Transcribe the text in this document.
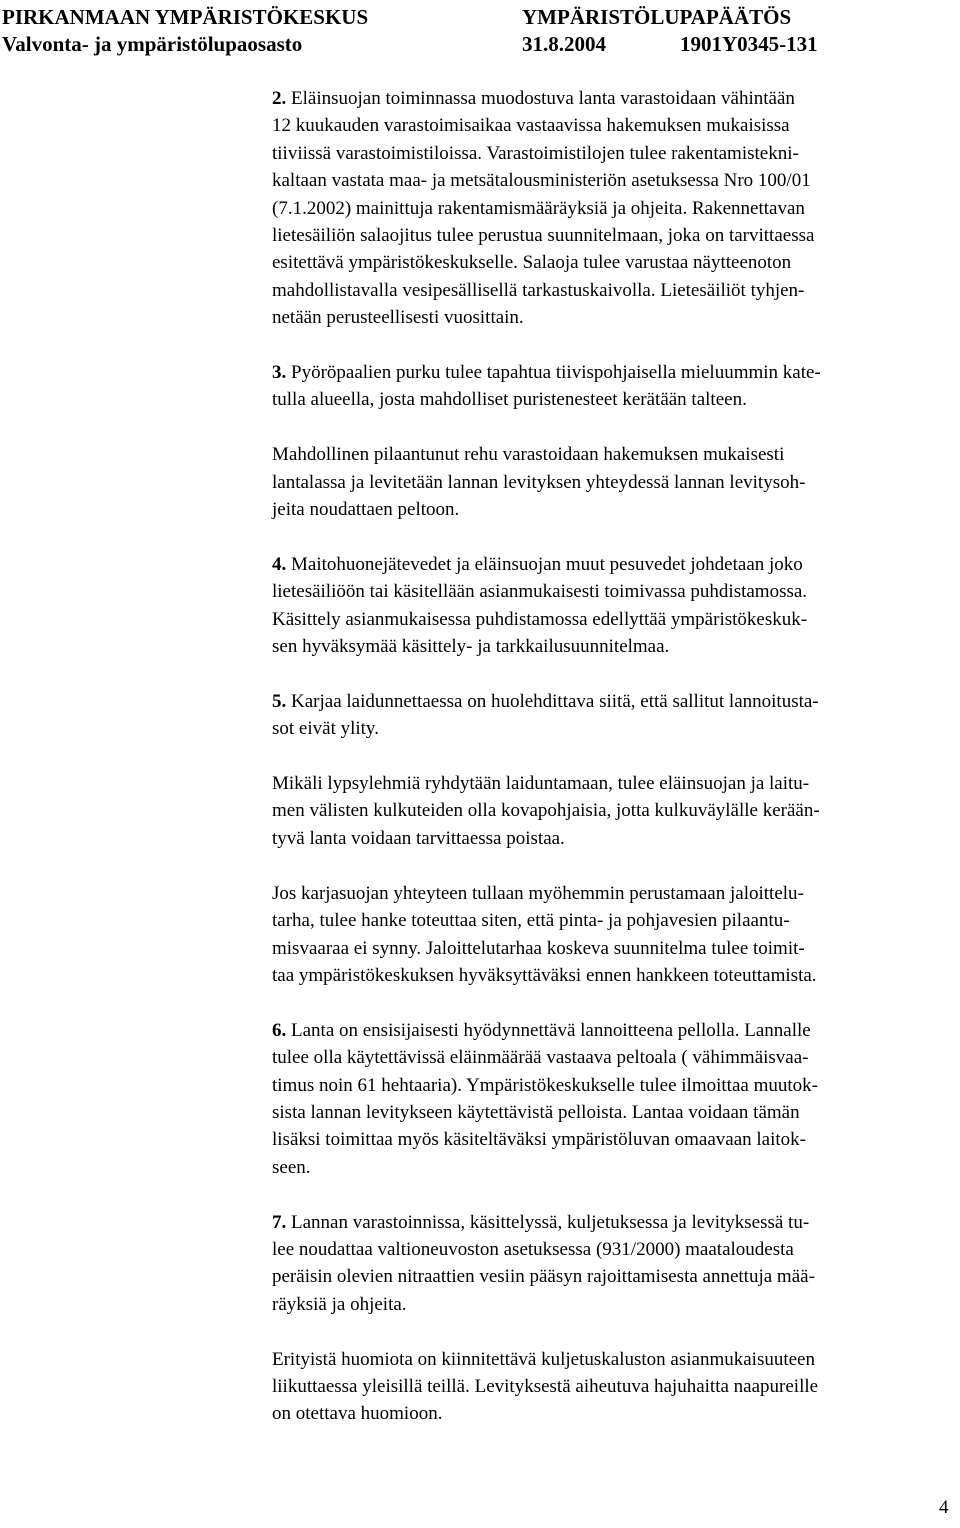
PIRKANMAAN YMPÄRISTÖKESKUS	YMPÄRISTÖLUPAPÄÄTÖS
Valvonta- ja ympäristölupaosasto	31.8.2004	1901Y0345-131

2. Eläinsuojan toiminnassa muodostuva lanta varastoidaan vähintään
12 kuukauden varastoimisaikaa vastaavissa hakemuksen mukaisissa
tiiviissä varastoimistiloissa. Varastoimistilojen tulee rakentamistekni-
kaltaan vastata maa- ja metsätalousministeriön asetuksessa Nro 100/01
(7.1.2002) mainittuja rakentamismääräyksiä ja ohjeita. Rakennettavan
lietesäiliön salaojitus tulee perustua suunnitelmaan, joka on tarvittaessa
esitettävä ympäristökeskukselle. Salaoja tulee varustaa näytteenoton
mahdollistavalla vesipesällisellä tarkastuskaivolla. Lietesäiliöt tyhjen-
netään perusteellisesti vuosittain.

3. Pyöröpaalien purku tulee tapahtua tiivispohjaisella mieluummin kate-
tulla alueella, josta mahdolliset puristenesteet kerätään talteen.

Mahdollinen pilaantunut rehu varastoidaan hakemuksen mukaisesti
lantalassa ja levitetään lannan levityksen yhteydessä lannan levitysoh-
jeita noudattaen peltoon.

4. Maitohuonejätevedet ja eläinsuojan muut pesuvedet johdetaan joko
lietesäiliöön tai käsitellään asianmukaisesti toimivassa puhdistamossa.
Käsittely asianmukaisessa puhdistamossa edellyttää ympäristökeskuk-
sen hyväksymää käsittely- ja tarkkailusuunnitelmaa.

5. Karjaa laidunnettaessa on huolehdittava siitä, että sallitut lannoitusta-
sot eivät ylity.

Mikäli lypsylehmiä ryhdytään laiduntamaan, tulee eläinsuojan ja laitu-
men välisten kulkuteiden olla kovapohjaisia, jotta kulkuväylälle kerään-
tyvä lanta voidaan tarvittaessa poistaa.

Jos karjasuojan yhteyteen tullaan myöhemmin perustamaan jaloittelu-
tarha, tulee hanke toteuttaa siten, että pinta- ja pohjavesien pilaantu-
misvaaraa ei synny. Jaloittelutarhaa koskeva suunnitelma tulee toimit-
taa ympäristökeskuksen hyväksyttäväksi ennen hankkeen toteuttamista.

6. Lanta on ensisijaisesti hyödynnettävä lannoitteena pellolla. Lannalle
tulee olla käytettävissä eläinmäärää vastaava peltoala ( vähimmäisvaa-
timus noin 61 hehtaaria). Ympäristökeskukselle tulee ilmoittaa muutok-
sista lannan levitykseen käytettävistä pelloista. Lantaa voidaan tämän
lisäksi toimittaa myös käsiteltäväksi ympäristöluvan omaavaan laitok-
seen.

7. Lannan varastoinnissa, käsittelyssä, kuljetuksessa ja levityksessä tu-
lee noudattaa valtioneuvoston asetuksessa (931/2000) maataloudesta
peräisin olevien nitraattien vesiin pääsyn rajoittamisesta annettuja mää-
räyksiä ja ohjeita.

Erityistä huomiota on kiinnitettävä kuljetuskaluston asianmukaisuuteen
liikuttaessa yleisillä teillä. Levityksestä aiheutuva hajuhaitta naapureille
on otettava huomioon.

4
